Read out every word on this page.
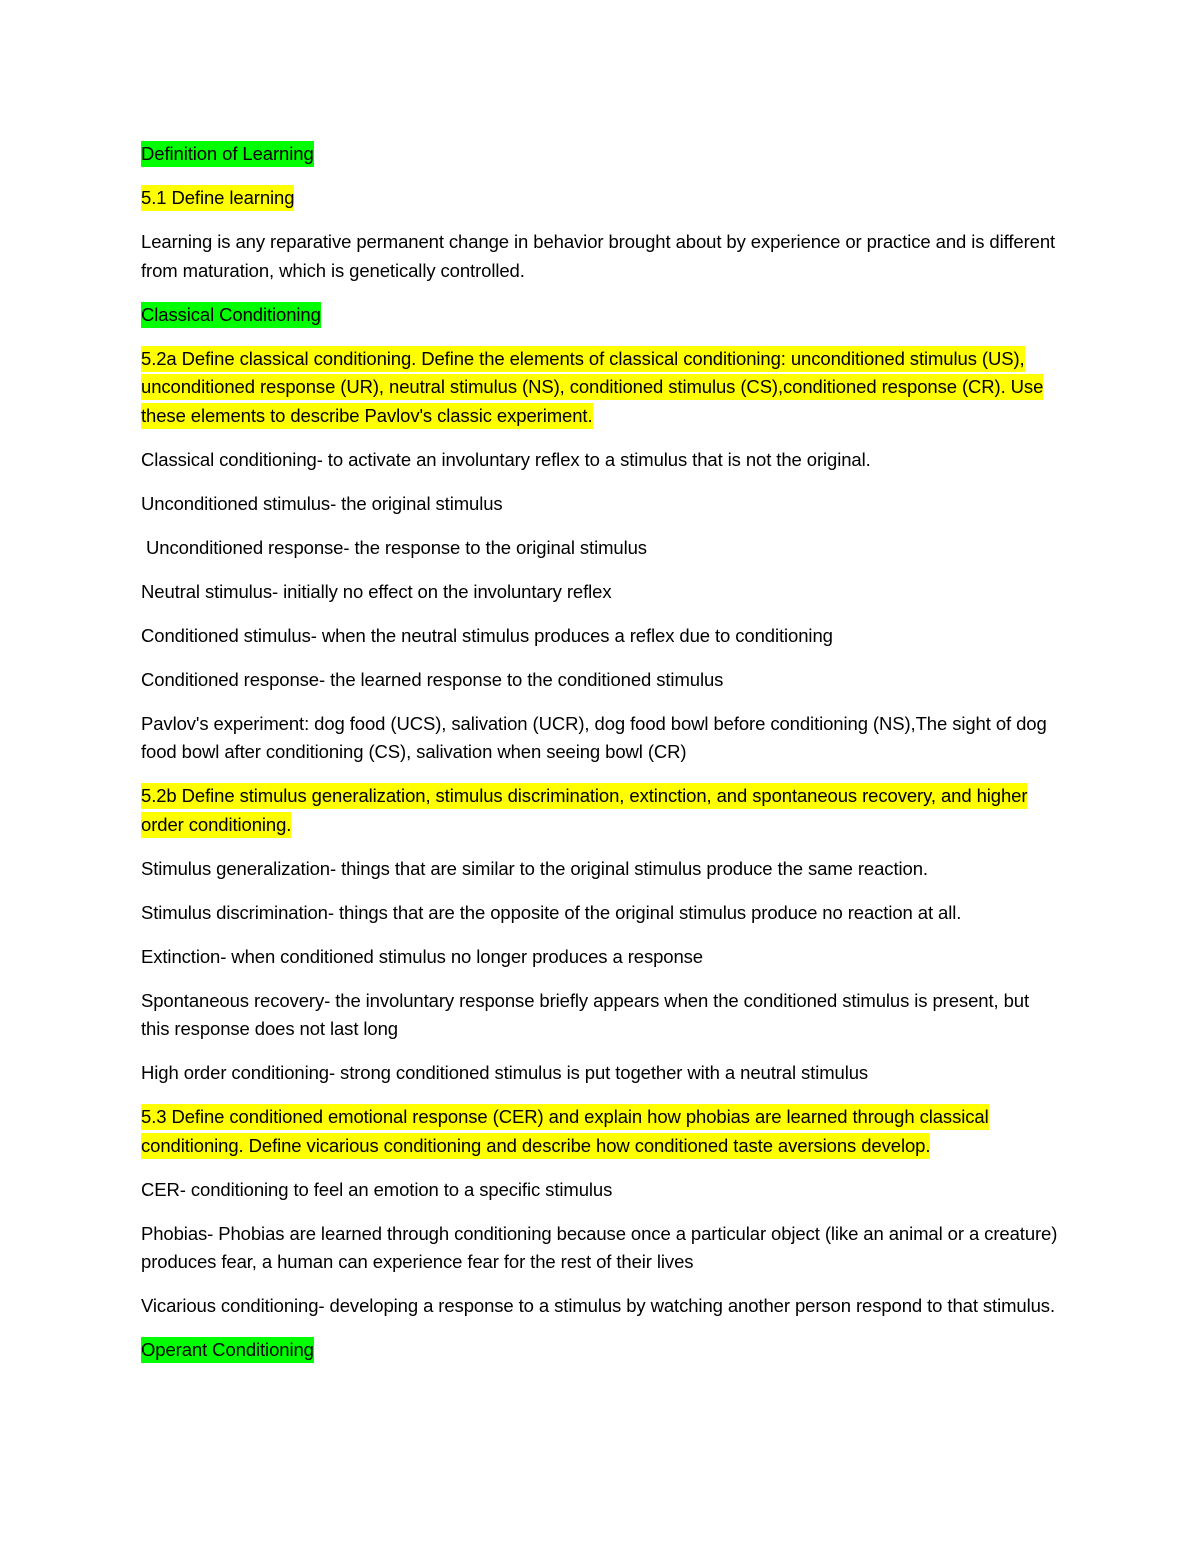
Definition of Learning

5.1 Define learning

Learning is any reparative permanent change in behavior brought about by experience or practice and is different from maturation, which is genetically controlled.

Classical Conditioning

5.2a Define classical conditioning. Define the elements of classical conditioning: unconditioned stimulus (US), unconditioned response (UR), neutral stimulus (NS), conditioned stimulus (CS),conditioned response (CR). Use these elements to describe Pavlov's classic experiment.

Classical conditioning- to activate an involuntary reflex to a stimulus that is not the original.

Unconditioned stimulus- the original stimulus

Unconditioned response- the response to the original stimulus

Neutral stimulus- initially no effect on the involuntary reflex

Conditioned stimulus- when the neutral stimulus produces a reflex due to conditioning

Conditioned response- the learned response to the conditioned stimulus

Pavlov's experiment: dog food (UCS), salivation (UCR), dog food bowl before conditioning (NS),The sight of dog food bowl after conditioning (CS), salivation when seeing bowl (CR)

5.2b Define stimulus generalization, stimulus discrimination, extinction, and spontaneous recovery, and higher order conditioning.

Stimulus generalization- things that are similar to the original stimulus produce the same reaction.

Stimulus discrimination- things that are the opposite of the original stimulus produce no reaction at all.

Extinction- when conditioned stimulus no longer produces a response

Spontaneous recovery- the involuntary response briefly appears when the conditioned stimulus is present, but this response does not last long

High order conditioning- strong conditioned stimulus is put together with a neutral stimulus

5.3 Define conditioned emotional response (CER) and explain how phobias are learned through classical conditioning. Define vicarious conditioning and describe how conditioned taste aversions develop.

CER- conditioning to feel an emotion to a specific stimulus

Phobias- Phobias are learned through conditioning because once a particular object (like an animal or a creature) produces fear, a human can experience fear for the rest of their lives

Vicarious conditioning- developing a response to a stimulus by watching another person respond to that stimulus.

Operant Conditioning
